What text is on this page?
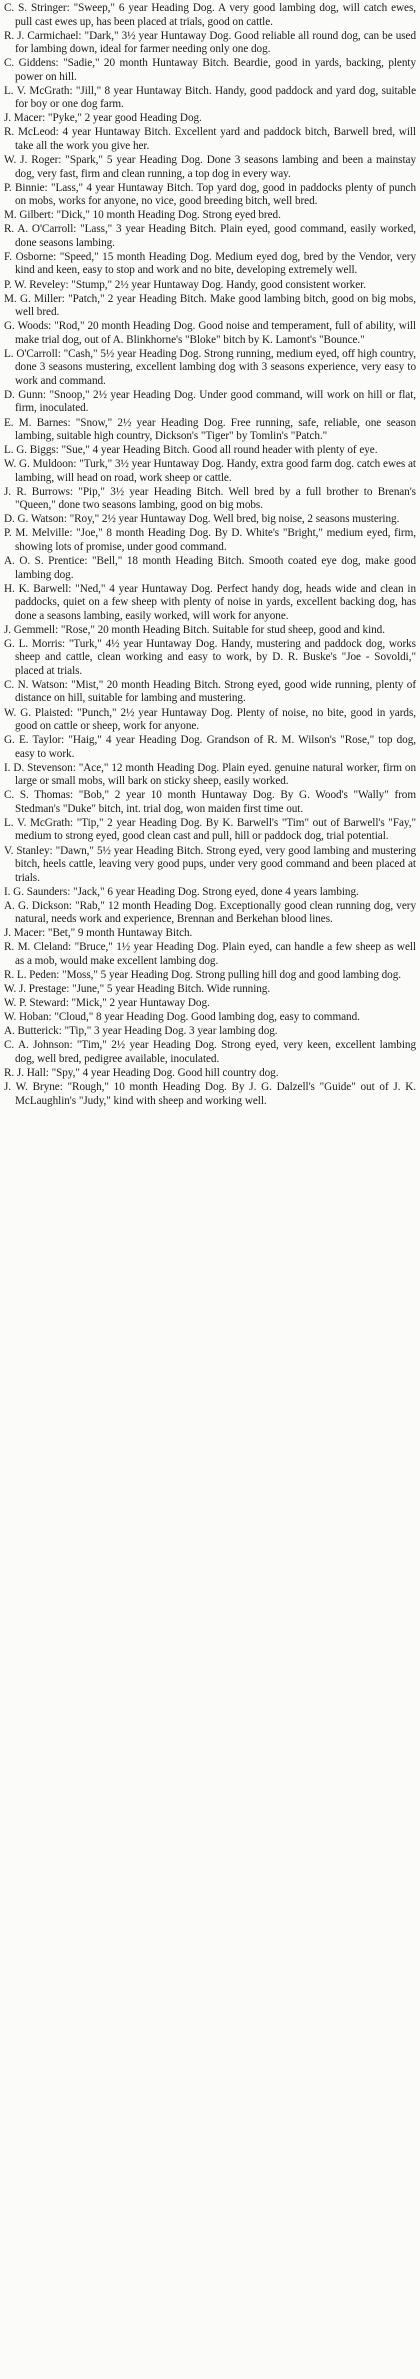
C. S. Stringer: "Sweep," 6 year Heading Dog. A very good lambing dog, will catch ewes, pull cast ewes up, has been placed at trials, good on cattle.

R. J. Carmichael: "Dark," 3½ year Huntaway Dog. Good reliable all round dog, can be used for lambing down, ideal for farmer needing only one dog.

C. Giddens: "Sadie," 20 month Huntaway Bitch. Beardie, good in yards, backing, plenty power on hill.

L. V. McGrath: "Jill," 8 year Huntaway Bitch. Handy, good paddock and yard dog, suitable for boy or one dog farm.

J. Macer: "Pyke," 2 year good Heading Dog.

R. McLeod: 4 year Huntaway Bitch. Excellent yard and paddock bitch, Barwell bred, will take all the work you give her.

W. J. Roger: "Spark," 5 year Heading Dog. Done 3 seasons lambing and been a mainstay dog, very fast, firm and clean running, a top dog in every way.

P. Binnie: "Lass," 4 year Huntaway Bitch. Top yard dog, good in paddocks plenty of punch on mobs, works for anyone, no vice, good breeding bitch, well bred.

M. Gilbert: "Dick," 10 month Heading Dog. Strong eyed bred.

R. A. O'Carroll: "Lass," 3 year Heading Bitch. Plain eyed, good command, easily worked, done seasons lambing.

F. Osborne: "Speed," 15 month Heading Dog. Medium eyed dog, bred by the Vendor, very kind and keen, easy to stop and work and no bite, developing extremely well.

P. W. Reveley: "Stump," 2½ year Huntaway Dog. Handy, good consistent worker.

M. G. Miller: "Patch," 2 year Heading Bitch. Make good lambing bitch, good on big mobs, well bred.

G. Woods: "Rod," 20 month Heading Dog. Good noise and temperament, full of ability, will make trial dog, out of A. Blinkhorne's "Bloke" bitch by K. Lamont's "Bounce."

L. O'Carroll: "Cash," 5½ year Heading Dog. Strong running, medium eyed, off high country, done 3 seasons mustering, excellent lambing dog with 3 seasons experience, very easy to work and command.

D. Gunn: "Snoop," 2½ year Heading Dog. Under good command, will work on hill or flat, firm, inoculated.

E. M. Barnes: "Snow," 2½ year Heading Dog. Free running, safe, reliable, one season lambing, suitable high country, Dickson's "Tiger" by Tomlin's "Patch."

L. G. Biggs: "Sue," 4 year Heading Bitch. Good all round header with plenty of eye.

W. G. Muldoon: "Turk," 3½ year Huntaway Dog. Handy, extra good farm dog. catch ewes at lambing, will head on road, work sheep or cattle.

J. R. Burrows: "Pip," 3½ year Heading Bitch. Well bred by a full brother to Brenan's "Queen," done two seasons lambing, good on big mobs.

D. G. Watson: "Roy," 2½ year Huntaway Dog. Well bred, big noise, 2 seasons mustering.

P. M. Melville: "Joe," 8 month Heading Dog. By D. White's "Bright," medium eyed, firm, showing lots of promise, under good command.

A. O. S. Prentice: "Bell," 18 month Heading Bitch. Smooth coated eye dog, make good lambing dog.

H. K. Barwell: "Ned," 4 year Huntaway Dog. Perfect handy dog, heads wide and clean in paddocks, quiet on a few sheep with plenty of noise in yards, excellent backing dog, has done a seasons lambing, easily worked, will work for anyone.

J. Gemmell: "Rose," 20 month Heading Bitch. Suitable for stud sheep, good and kind.

G. L. Morris: "Turk," 4½ year Huntaway Dog. Handy, mustering and paddock dog, works sheep and cattle, clean working and easy to work, by D. R. Buske's "Joe - Sovoldi," placed at trials.

C. N. Watson: "Mist," 20 month Heading Bitch. Strong eyed, good wide running, plenty of distance on hill, suitable for lambing and mustering.

W. G. Plaisted: "Punch," 2½ year Huntaway Dog. Plenty of noise, no bite, good in yards, good on cattle or sheep, work for anyone.

G. E. Taylor: "Haig," 4 year Heading Dog. Grandson of R. M. Wilson's "Rose," top dog, easy to work.

I. D. Stevenson: "Ace," 12 month Heading Dog. Plain eyed. genuine natural worker, firm on large or small mobs, will bark on sticky sheep, easily worked.

C. S. Thomas: "Bob," 2 year 10 month Huntaway Dog. By G. Wood's "Wally" from Stedman's "Duke" bitch, int. trial dog, won maiden first time out.

L. V. McGrath: "Tip," 2 year Heading Dog. By K. Barwell's "Tim" out of Barwell's "Fay," medium to strong eyed, good clean cast and pull, hill or paddock dog, trial potential.

V. Stanley: "Dawn," 5½ year Heading Bitch. Strong eyed, very good lambing and mustering bitch, heels cattle, leaving very good pups, under very good command and been placed at trials.

I. G. Saunders: "Jack," 6 year Heading Dog. Strong eyed, done 4 years lambing.

A. G. Dickson: "Rab," 12 month Heading Dog. Exceptionally good clean running dog, very natural, needs work and experience, Brennan and Berkehan blood lines.

J. Macer: "Bet," 9 month Huntaway Bitch.

R. M. Cleland: "Bruce," 1½ year Heading Dog. Plain eyed, can handle a few sheep as well as a mob, would make excellent lambing dog.

R. L. Peden: "Moss," 5 year Heading Dog. Strong pulling hill dog and good lambing dog.

W. J. Prestage: "June," 5 year Heading Bitch. Wide running.

W. P. Steward: "Mick," 2 year Huntaway Dog.

W. Hoban: "Cloud," 8 year Heading Dog. Good lambing dog, easy to command.

A. Butterick: "Tip," 3 year Heading Dog. 3 year lambing dog.

C. A. Johnson: "Tim," 2½ year Heading Dog. Strong eyed, very keen, excellent lambing dog, well bred, pedigree available, inoculated.

R. J. Hall: "Spy," 4 year Heading Dog. Good hill country dog.

J. W. Bryne: "Rough," 10 month Heading Dog. By J. G. Dalzell's "Guide" out of J. K. McLaughlin's "Judy," kind with sheep and working well.
